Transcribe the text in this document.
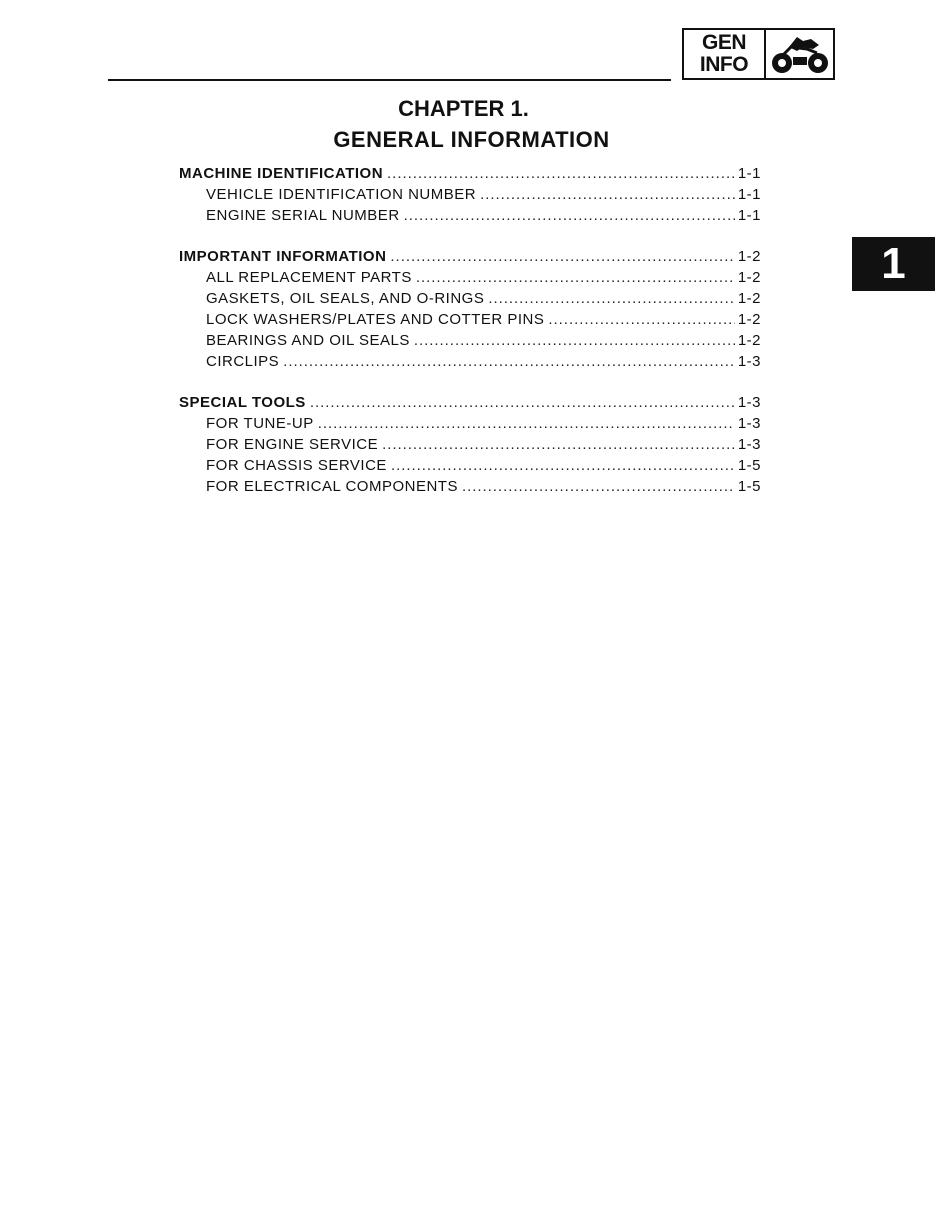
GEN
INFO
1
CHAPTER 1.
GENERAL INFORMATION
MACHINE IDENTIFICATION . . .	1-1
VEHICLE IDENTIFICATION NUMBER . . .	1-1
ENGINE SERIAL NUMBER . . .	1-1
IMPORTANT INFORMATION . . .	1-2
ALL REPLACEMENT PARTS . . .	1-2
GASKETS, OIL SEALS, AND O-RINGS . . .	1-2
LOCK WASHERS/PLATES AND COTTER PINS . . .	1-2
BEARINGS AND OIL SEALS . . .	1-2
CIRCLIPS . . .	1-3
SPECIAL TOOLS . . .	1-3
FOR TUNE-UP . . .	1-3
FOR ENGINE SERVICE . . .	1-3
FOR CHASSIS SERVICE . . .	1-5
FOR ELECTRICAL COMPONENTS . . .	1-5
